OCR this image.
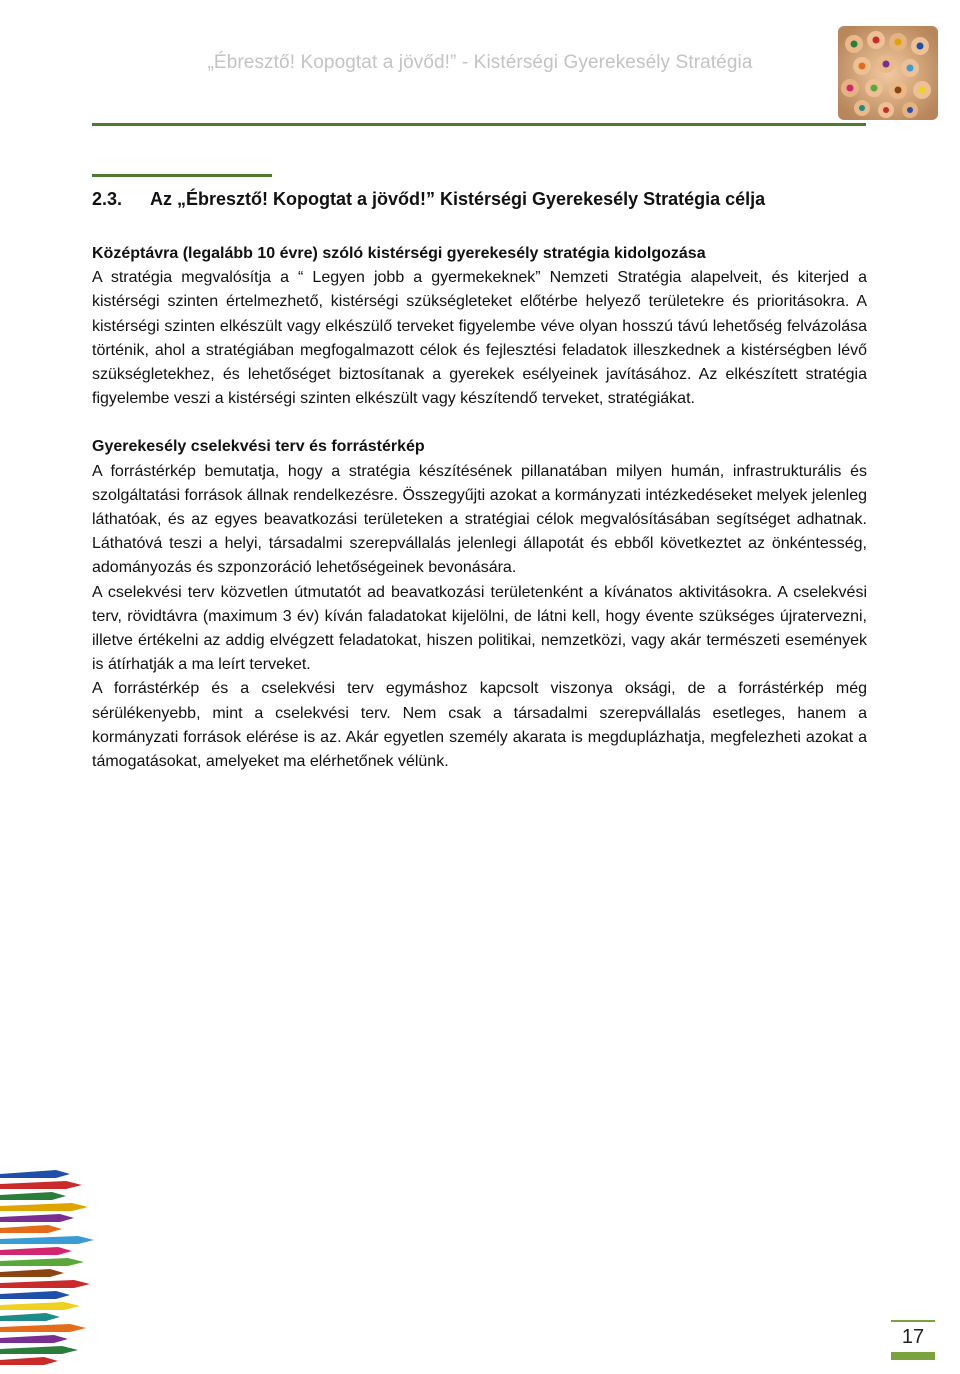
„Ébresztő! Kopogtat a jövőd!” - Kistérségi Gyerekesély Stratégia
2.3. Az „Ébresztő! Kopogtat a jövőd!” Kistérségi Gyerekesély Stratégia célja

Középtávra (legalább 10 évre) szóló kistérségi gyerekesély stratégia kidolgozása

A stratégia megvalósítja a “ Legyen jobb a gyermekeknek” Nemzeti Stratégia alapelveit, és kiterjed a kistérségi szinten értelmezhető, kistérségi szükségleteket előtérbe helyező területekre és prioritásokra. A kistérségi szinten elkészült vagy elkészülő terveket figyelembe véve olyan hosszú távú lehetőség felvázolása történik, ahol a stratégiában megfogalmazott célok és fejlesztési feladatok illeszkednek a kistérségben lévő szükségletekhez, és lehetőséget biztosítanak a gyerekek esélyeinek javításához. Az elkészített stratégia figyelembe veszi a kistérségi szinten elkészült vagy készítendő terveket, stratégiákat.

Gyerekesély cselekvési terv és forrástérkép

A forrástérkép bemutatja, hogy a stratégia készítésének pillanatában milyen humán, infrastrukturális és szolgáltatási források állnak rendelkezésre. Összegyűjti azokat a kormányzati intézkedéseket melyek jelenleg láthatóak, és az egyes beavatkozási területeken a stratégiai célok megvalósításában segítséget adhatnak. Láthatóvá teszi a helyi, társadalmi szerepvállalás jelenlegi állapotát és ebből következtet az önkéntesség, adományozás és szponzoráció lehetőségeinek bevonására.

A cselekvési terv közvetlen útmutatót ad beavatkozási területenként a kívánatos aktivitásokra. A cselekvési terv, rövidtávra (maximum 3 év) kíván faladatokat kijelölni, de látni kell, hogy évente szükséges újratervezni, illetve értékelni az addig elvégzett feladatokat, hiszen politikai, nemzetközi, vagy akár természeti események is átírhatják a ma leírt terveket.

A forrástérkép és a cselekvési terv egymáshoz kapcsolt viszonya oksági, de a forrástérkép még sérülékenyebb, mint a cselekvési terv. Nem csak a társadalmi szerepvállalás esetleges, hanem a kormányzati források elérése is az. Akár egyetlen személy akarata is megduplázhatja, megfelezheti azokat a támogatásokat, amelyeket ma elérhetőnek vélünk.

17
